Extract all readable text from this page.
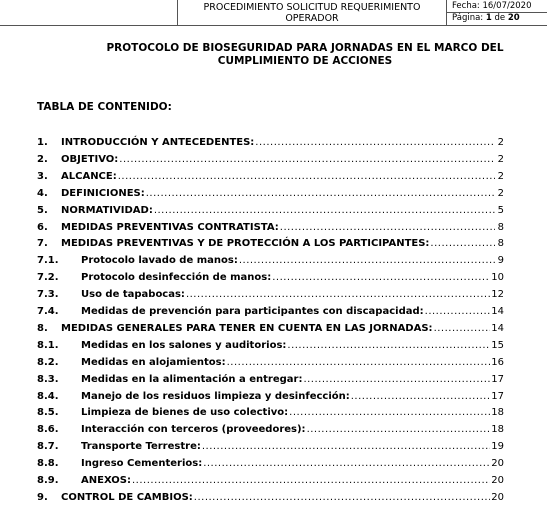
PROCEDIMIENTO SOLICITUD REQUERIMIENTO
OPERADOR
Fecha: 16/07/2020
Página: 1 de 20
PROTOCOLO DE BIOSEGURIDAD PARA JORNADAS EN EL MARCO DEL
CUMPLIMIENTO DE ACCIONES
TABLA DE CONTENIDO:
1.	INTRODUCCIÓN Y ANTECEDENTES: .....	2
2.	OBJETIVO: .....	2
3.	ALCANCE: .....	2
4.	DEFINICIONES: .....	2
5.	NORMATIVIDAD: .....	5
6.	MEDIDAS PREVENTIVAS CONTRATISTA: .....	8
7.	MEDIDAS PREVENTIVAS Y DE PROTECCIÓN A LOS PARTICIPANTES: .....	8
7.1.	Protocolo lavado de manos: .....	9
7.2.	Protocolo desinfección de manos: .....	10
7.3.	Uso de tapabocas: .....	12
7.4.	Medidas de prevención para participantes con discapacidad: .....	14
8.	MEDIDAS GENERALES PARA TENER EN CUENTA EN LAS JORNADAS: .....	14
8.1.	Medidas en los salones y auditorios: .....	15
8.2.	Medidas en alojamientos: .....	16
8.3.	Medidas en la alimentación a entregar: .....	17
8.4.	Manejo de los residuos limpieza y desinfección: .....	17
8.5.	Limpieza de bienes de uso colectivo: .....	18
8.6.	Interacción con terceros (proveedores): .....	18
8.7.	Transporte Terrestre: .....	19
8.8.	Ingreso Cementerios: .....	20
8.9.	ANEXOS: .....	20
9.	CONTROL DE CAMBIOS: .....	20
